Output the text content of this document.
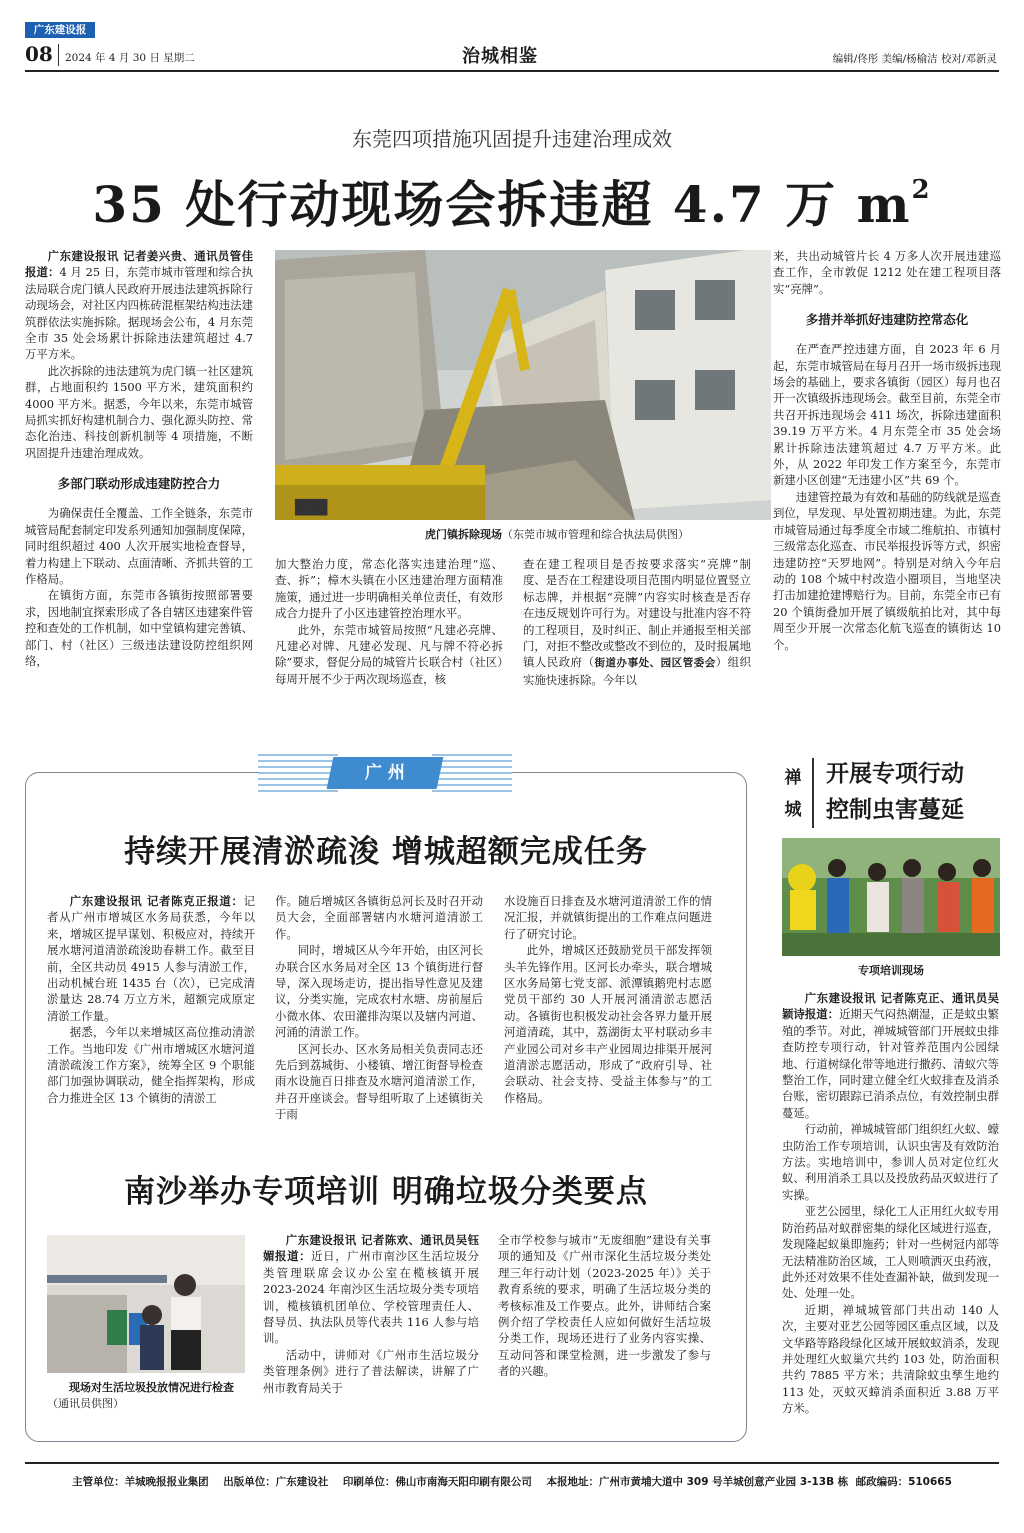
广东建设报
08 2024 年 4 月 30 日 星期二	治城相鉴	编辑/佟彤 美编/杨榆洁 校对/邓新灵
东莞四项措施巩固提升违建治理成效
35 处行动现场会拆违超 4.7 万 $m^2$

广东建设报讯 记者姜兴贵、通讯员管佳报道：4 月 25 日，东莞市城市管理和综合执法局联合虎门镇人民政府开展违法建筑拆除行动现场会，对社区内四栋砖混框架结构违法建筑群依法实施拆除。据现场会公布，4 月东莞全市 35 处会场累计拆除违法建筑超过 4.7 万平方米。

此次拆除的违法建筑为虎门镇一社区建筑群，占地面积约 1500 平方米，建筑面积约 4000 平方米。据悉，今年以来，东莞市城管局抓实抓好构建机制合力、强化源头防控、常态化治违、科技创新机制等 4 项措施，不断巩固提升违建治理成效。

多部门联动形成违建防控合力

为确保责任全覆盖、工作全链条，东莞市城管局配套制定印发系列通知加强制度保障，同时组织超过 400 人次开展实地检查督导，着力构建上下联动、点面清晰、齐抓共管的工作格局。

在镇街方面，东莞市各镇街按照部署要求，因地制宜探索形成了各自辖区违建案件管控和查处的工作机制，如中堂镇构建完善镇、部门、村（社区）三级违法建设防控组织网络，

███
虎门镇拆除现场（东莞市城市管理和综合执法局供图）

加大整治力度，常态化落实违建治理“巡、查、拆”；樟木头镇在小区违建治理方面精准施策，通过进一步明确相关单位责任，有效形成合力提升了小区违建管控治理水平。

此外，东莞市城管局按照“凡建必亮牌、凡建必对牌、凡建必发现、凡与牌不符必拆除”要求，督促分局的城管片长联合村（社区）每周开展不少于两次现场巡查，核

查在建工程项目是否按要求落实“亮牌”制度、是否在工程建设项目范围内明显位置竖立标志牌，并根据“亮牌”内容实时核查是否存在违反规划许可行为。对建设与批准内容不符的工程项目，及时纠正、制止并通报至相关部门，对拒不整改或整改不到位的，及时报属地镇人民政府（街道办事处、园区管委会）组织实施快速拆除。今年以

来，共出动城管片长 4 万多人次开展违建巡查工作，全市敦促 1212 处在建工程项目落实“亮牌”。

多措并举抓好违建防控常态化

在严查严控违建方面，自 2023 年 6 月起，东莞市城管局在每月召开一场市级拆违现场会的基础上，要求各镇街（园区）每月也召开一次镇级拆违现场会。截至目前，东莞全市共召开拆违现场会 411 场次，拆除违建面积 39.19 万平方米。4 月东莞全市 35 处会场累计拆除违法建筑超过 4.7 万平方米。此外，从 2022 年印发工作方案至今，东莞市新建小区创建“无违建小区”共 69 个。

违建管控最为有效和基础的防线就是巡查到位，早发现、早处置初期违建。为此，东莞市城管局通过每季度全市域二维航拍、市镇村三级常态化巡查、市民举报投诉等方式，织密违建防控“天罗地网”。特别是对纳入今年启动的 108 个城中村改造小圈项目，当地坚决打击加建抢建博赔行为。目前，东莞全市已有 20 个镇街叠加开展了镇级航拍比对，其中每周至少开展一次常态化航飞巡查的镇街达 10 个。

广 州
持续开展清淤疏浚 增城超额完成任务

广东建设报讯 记者陈克正报道：记者从广州市增城区水务局获悉，今年以来，增城区提早谋划、积极应对，持续开展水塘河道清淤疏浚助春耕工作。截至目前，全区共动员 4915 人参与清淤工作，出动机械台班 1435 台（次），已完成清淤量达 28.74 万立方米，超额完成原定清淤工作量。

据悉，今年以来增城区高位推动清淤工作。当地印发《广州市增城区水塘河道清淤疏浚工作方案》，统筹全区 9 个职能部门加强协调联动，健全指挥架构，形成合力推进全区 13 个镇街的清淤工

作。随后增城区各镇街总河长及时召开动员大会，全面部署辖内水塘河道清淤工作。

同时，增城区从今年开始，由区河长办联合区水务局对全区 13 个镇街进行督导，深入现场走访，提出指导性意见及建议，分类实施，完成农村水塘、房前屋后小微水体、农田灌排沟渠以及辖内河道、河涌的清淤工作。

区河长办、区水务局相关负责同志还先后到荔城街、小楼镇、增江街督导检查雨水设施百日排查及水塘河道清淤工作，并召开座谈会。督导组听取了上述镇街关于雨

水设施百日排查及水塘河道清淤工作的情况汇报，并就镇街提出的工作难点问题进行了研究讨论。

此外，增城区还鼓励党员干部发挥领头羊先锋作用。区河长办牵头，联合增城区水务局第七党支部、派潭镇鹅兜村志愿党员干部约 30 人开展河涌清淤志愿活动。各镇街也积极发动社会各界力量开展河道清疏，其中，荔湖街太平村联动乡丰产业园公司对乡丰产业园周边排渠开展河道清淤志愿活动，形成了“政府引导、社会联动、社会支持、受益主体参与”的工作格局。

南沙举办专项培训 明确垃圾分类要点
现场对生活垃圾投放情况进行检查（通讯员供图）

广东建设报讯 记者陈欢、通讯员吴钰媚报道：近日，广州市南沙区生活垃圾分类管理联席会议办公室在榄核镇开展 2023-2024 年南沙区生活垃圾分类专项培训，榄核镇机团单位、学校管理责任人、督导员、执法队员等代表共 116 人参与培训。

活动中，讲师对《广州市生活垃圾分类管理条例》进行了普法解读，讲解了广州市教育局关于

全市学校参与城市“无废细胞”建设有关事项的通知及《广州市深化生活垃圾分类处理三年行动计划（2023-2025 年）》关于教育系统的要求，明确了生活垃圾分类的考核标准及工作要点。此外，讲师结合案例介绍了学校责任人应如何做好生活垃圾分类工作，现场还进行了业务内容实操、互动问答和课堂检测，进一步激发了参与者的兴趣。

禅
城
开展专项行动
控制虫害蔓延
专项培训现场

广东建设报讯 记者陈克正、通讯员吴颖诗报道：近期天气闷热潮湿，正是蚊虫繁殖的季节。对此，禅城城管部门开展蚊虫排查防控专项行动，针对管养范围内公园绿地、行道树绿化带等地进行撒药、清蚁穴等整治工作，同时建立健全红火蚁排查及消杀台账，密切跟踪已消杀点位，有效控制虫群蔓延。

行动前，禅城城管部门组织红火蚁、蠓虫防治工作专项培训，认识虫害及有效防治方法。实地培训中，参训人员对定位红火蚁、利用消杀工具以及投放药品灭蚁进行了实操。

亚艺公园里，绿化工人正用红火蚁专用防治药品对蚁群密集的绿化区域进行巡查，发现隆起蚁巢即施药；针对一些树冠内部等无法精准防治区域，工人则喷洒灭虫药液，此外还对效果不佳处查漏补缺，做到发现一处、处理一处。

近期，禅城城管部门共出动 140 人次，主要对亚艺公园等园区重点区域，以及文华路等路段绿化区域开展蚊蚁消杀，发现并处理红火蚁巢穴共约 103 处，防治面积共约 7885 平方米；共清除蚊虫孳生地约 113 处，灭蚊灭蟑消杀面积近 3.88 万平方米。

主管单位：羊城晚报报业集团    出版单位：广东建设社    印刷单位：佛山市南海天阳印刷有限公司    本报地址：广州市黄埔大道中 309 号羊城创意产业园 3-13B 栋  邮政编码：510665
